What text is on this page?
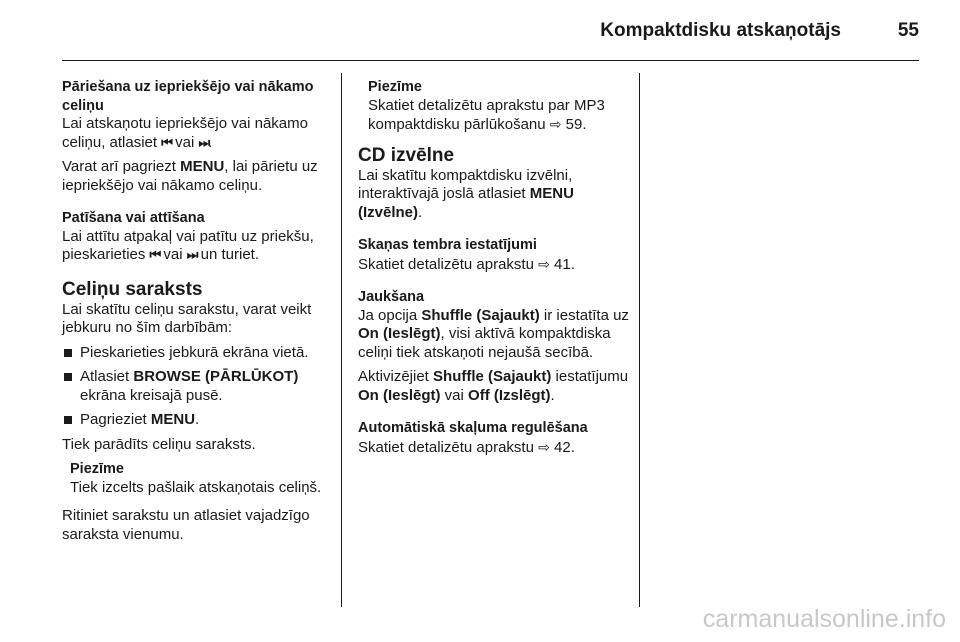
Kompaktdisku atskaņotājs	55

Pāriešana uz iepriekšējo vai nākamo celiņu

Lai atskaņotu iepriekšējo vai nākamo celiņu, atlasiet ⏮ vai ⏭.

Varat arī pagriezt MENU, lai pārietu uz iepriekšējo vai nākamo celiņu.

Patīšana vai attīšana

Lai attītu atpakaļ vai patītu uz priekšu, pieskarieties ⏮ vai ⏭ un turiet.

Celiņu saraksts

Lai skatītu celiņu sarakstu, varat veikt jebkuru no šīm darbībām:

Pieskarieties jebkurā ekrāna vietā.
Atlasiet BROWSE (PĀRLŪKOT) ekrāna kreisajā pusē.
Pagrieziet MENU.

Tiek parādīts celiņu saraksts.

Piezīme

Tiek izcelts pašlaik atskaņotais celiņš.

Ritiniet sarakstu un atlasiet vajadzīgo saraksta vienumu.

Piezīme

Skatiet detalizētu aprakstu par MP3 kompaktdisku pārlūkošanu ⇨ 59.

CD izvēlne

Lai skatītu kompaktdisku izvēlni, interaktīvajā joslā atlasiet MENU (Izvēlne).

Skaņas tembra iestatījumi

Skatiet detalizētu aprakstu ⇨ 41.

Jaukšana

Ja opcija Shuffle (Sajaukt) ir iestatīta uz On (Ieslēgt), visi aktīvā kompaktdiska celiņi tiek atskaņoti nejaušā secībā.

Aktivizējiet Shuffle (Sajaukt) iestatījumu On (Ieslēgt) vai Off (Izslēgt).

Automātiskā skaļuma regulēšana

Skatiet detalizētu aprakstu ⇨ 42.

carmanualsonline.info
